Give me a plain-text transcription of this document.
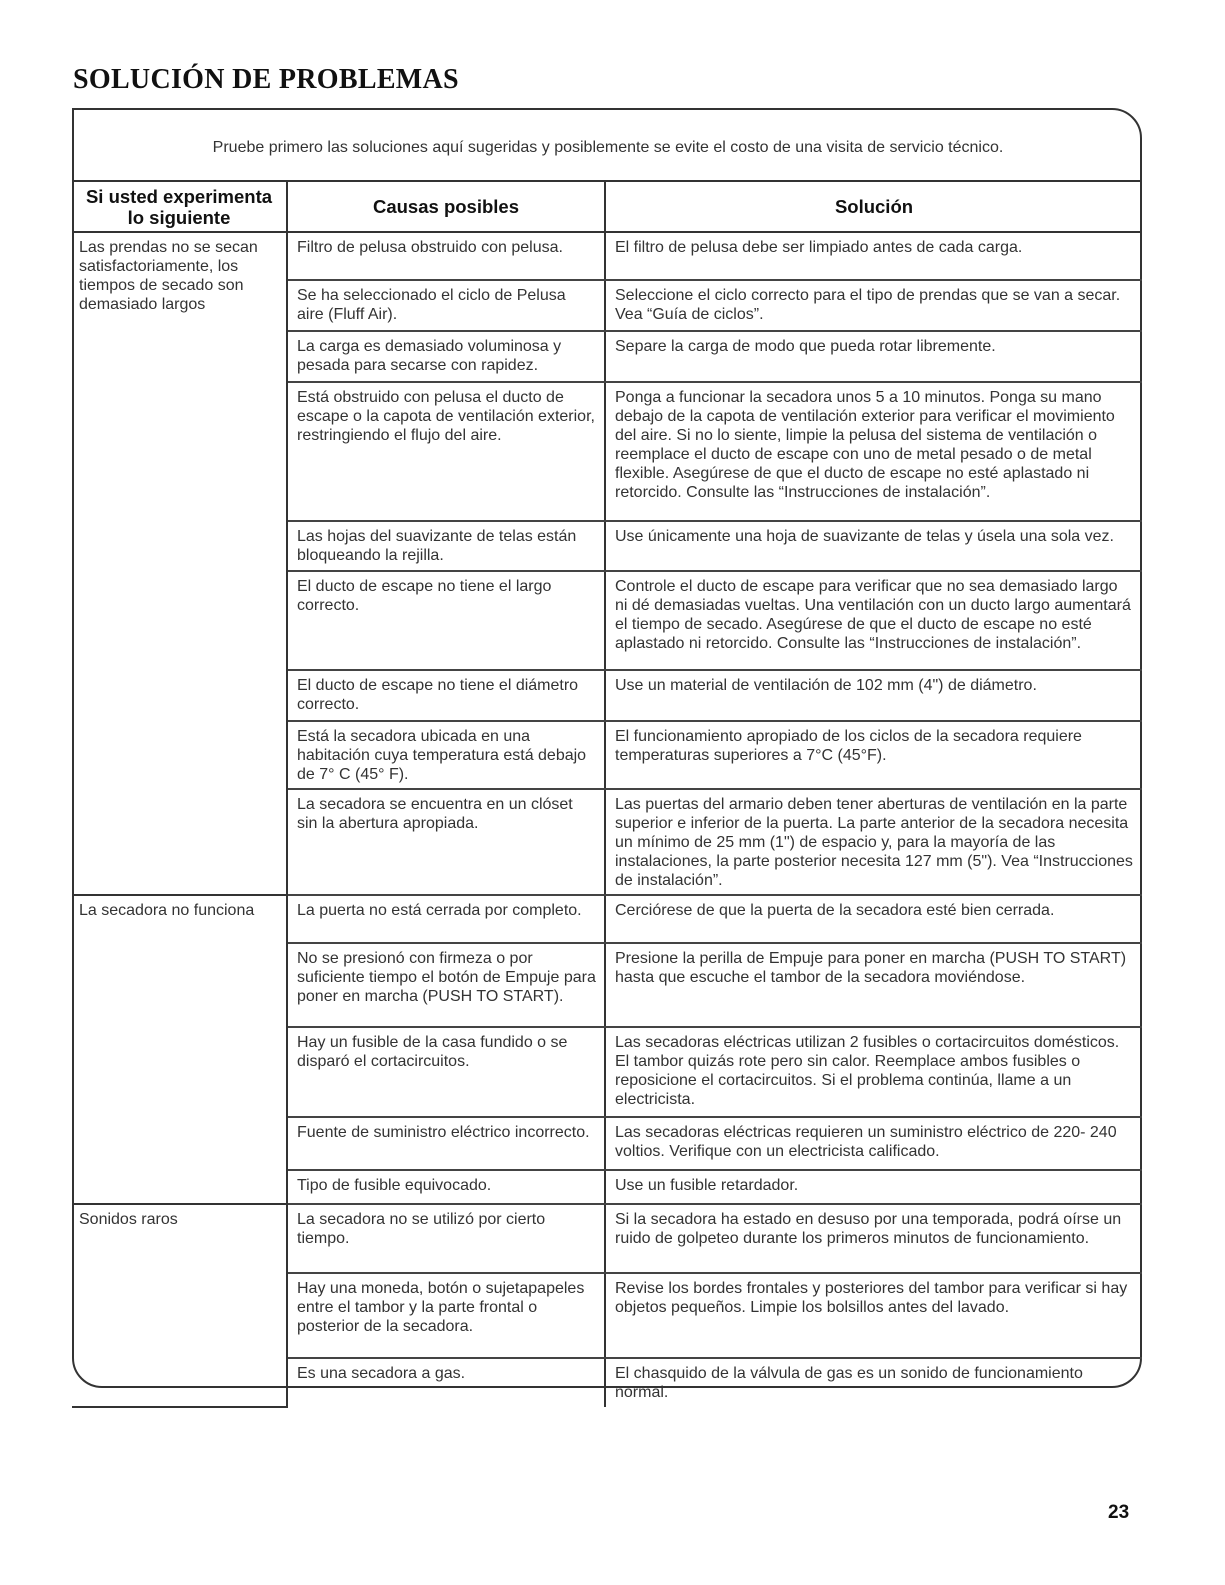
SOLUCIÓN DE PROBLEMAS
Pruebe primero las soluciones aquí sugeridas y posiblemente se evite el costo de una visita de servicio técnico.
Si usted experimenta lo siguiente	Causas posibles	Solución
Las prendas no se secan satisfactoriamente, los tiempos de secado son demasiado largos	Filtro de pelusa obstruido con pelusa.	El filtro de pelusa debe ser limpiado antes de cada carga.
	Se ha seleccionado el ciclo de Pelusa aire (Fluff Air).	Seleccione el ciclo correcto para el tipo de prendas que se van a secar. Vea “Guía de ciclos”.
	La carga es demasiado voluminosa y pesada para secarse con rapidez.	Separe la carga de modo que pueda rotar libremente.
	Está obstruido con pelusa el ducto de escape o la capota de ventilación exterior, restringiendo el flujo del aire.	Ponga a funcionar la secadora unos 5 a 10 minutos. Ponga su mano debajo de la capota de ventilación exterior para verificar el movimiento del aire. Si no lo siente, limpie la pelusa del sistema de ventilación o reemplace el ducto de escape con uno de metal pesado o de metal flexible. Asegúrese de que el ducto de escape no esté aplastado ni retorcido. Consulte las “Instrucciones de instalación”.
	Las hojas del suavizante de telas están bloqueando la rejilla.	Use únicamente una hoja de suavizante de telas y úsela una sola vez.
	El ducto de escape no tiene el largo correcto.	Controle el ducto de escape para verificar que no sea demasiado largo ni dé demasiadas vueltas. Una ventilación con un ducto largo aumentará el tiempo de secado. Asegúrese de que el ducto de escape no esté aplastado ni retorcido. Consulte las “Instrucciones de instalación”.
	El ducto de escape no tiene el diámetro correcto.	Use un material de ventilación de 102 mm (4") de diámetro.
	Está la secadora ubicada en una habitación cuya temperatura está debajo de 7° C (45° F).	El funcionamiento apropiado de los ciclos de la secadora requiere temperaturas superiores a 7°C (45°F).
	La secadora se encuentra en un clóset sin la abertura apropiada.	Las puertas del armario deben tener aberturas de ventilación en la parte superior e inferior de la puerta. La parte anterior de la secadora necesita un mínimo de 25 mm (1") de espacio y, para la mayoría de las instalaciones, la parte posterior necesita 127 mm (5"). Vea “Instrucciones de instalación”.
La secadora no funciona	La puerta no está cerrada por completo.	Cerciórese de que la puerta de la secadora esté bien cerrada.
	No se presionó con firmeza o por suficiente tiempo el botón de Empuje para poner en marcha (PUSH TO START).	Presione la perilla de Empuje para poner en marcha (PUSH TO START) hasta que escuche el tambor de la secadora moviéndose.
	Hay un fusible de la casa fundido o se disparó el cortacircuitos.	Las secadoras eléctricas utilizan 2 fusibles o cortacircuitos domésticos. El tambor quizás rote pero sin calor. Reemplace ambos fusibles o reposicione el cortacircuitos. Si el problema continúa, llame a un electricista.
	Fuente de suministro eléctrico incorrecto.	Las secadoras eléctricas requieren un suministro eléctrico de 220- 240 voltios. Verifique con un electricista calificado.
	Tipo de fusible equivocado.	Use un fusible retardador.
Sonidos raros	La secadora no se utilizó por cierto tiempo.	Si la secadora ha estado en desuso por una temporada, podrá oírse un ruido de golpeteo durante los primeros minutos de funcionamiento.
	Hay una moneda, botón o sujetapapeles entre el tambor y la parte frontal o posterior de la secadora.	Revise los bordes frontales y posteriores del tambor para verificar si hay objetos pequeños. Limpie los bolsillos antes del lavado.
	Es una secadora a gas.	El chasquido de la válvula de gas es un sonido de funcionamiento normal.
23
